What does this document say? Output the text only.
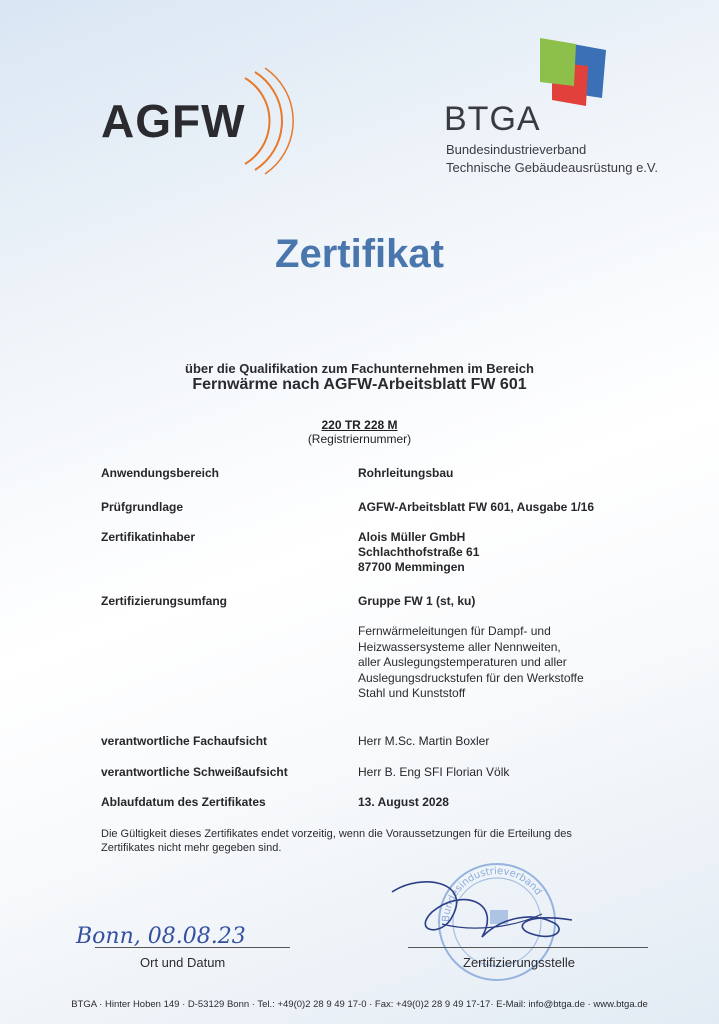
AGFW	BTGA
Bundesindustrieverband
Technische Gebäudeausrüstung e.V.
Zertifikat
über die Qualifikation zum Fachunternehmen im Bereich
Fernwärme nach AGFW-Arbeitsblatt FW 601
220 TR 228 M
(Registriernummer)
Anwendungsbereich	Rohrleitungsbau
Prüfgrundlage	AGFW-Arbeitsblatt FW 601, Ausgabe 1/16
Zertifikatinhaber	Alois Müller GmbH
Schlachthofstraße 61
87700 Memmingen
Zertifizierungsumfang	Gruppe FW 1 (st, ku)
Fernwärmeleitungen für Dampf- und
Heizwassersysteme aller Nennweiten,
aller Auslegungstemperaturen und aller
Auslegungsdruckstufen für den Werkstoffe
Stahl und Kunststoff
verantwortliche Fachaufsicht	Herr M.Sc. Martin Boxler
verantwortliche Schweißaufsicht	Herr B. Eng SFI Florian Völk
Ablaufdatum des Zertifikates	13. August 2028
Die Gültigkeit dieses Zertifikates endet vorzeitig, wenn die Voraussetzungen für die Erteilung des
Zertifikates nicht mehr gegeben sind.
Bonn, 08.08.23
Ort und Datum
Bundesindustrieverband
Zertifizierungsstelle
BTGA · Hinter Hoben 149 · D-53129 Bonn · Tel.: +49(0)2 28 9 49 17-0 · Fax: +49(0)2 28 9 49 17-17· E-Mail: info@btga.de · www.btga.de
